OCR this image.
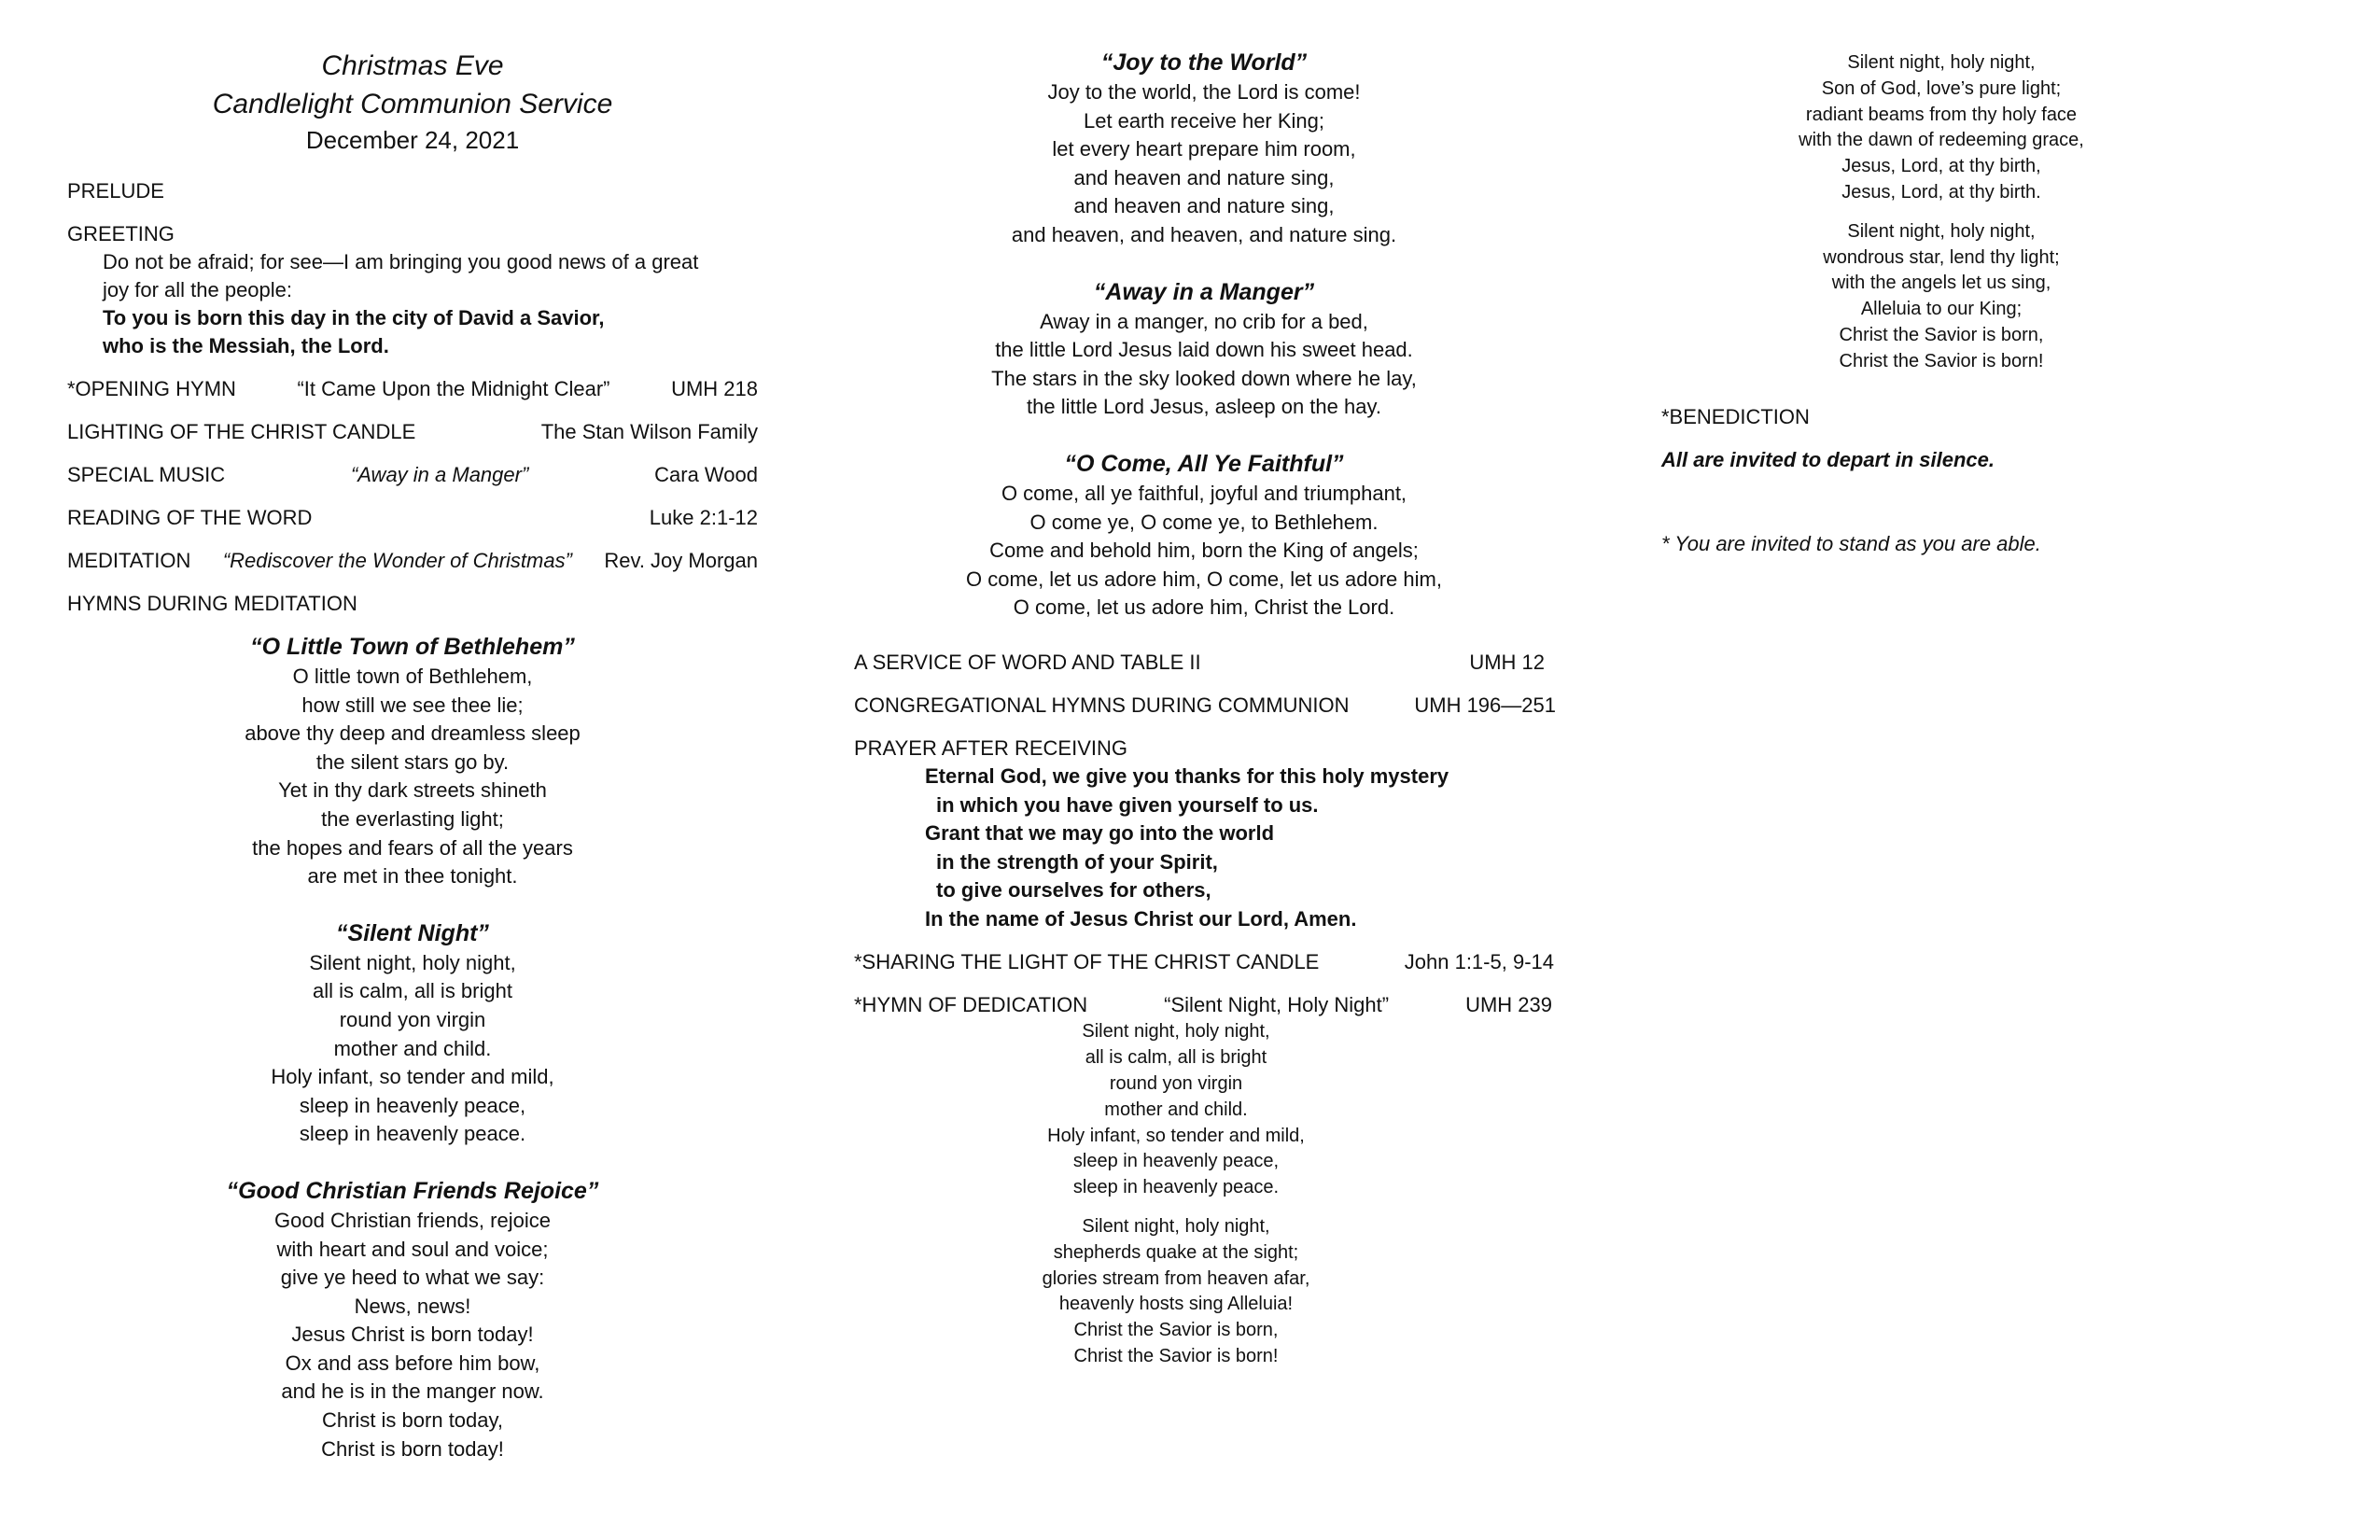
Christmas Eve
Candlelight Communion Service
December 24, 2021
PRELUDE
GREETING
Do not be afraid; for see—I am bringing you good news of a great
joy for all the people:
To you is born this day in the city of David a Savior,
who is the Messiah, the Lord.
*OPENING HYMN	“It Came Upon the Midnight Clear”	UMH 218
LIGHTING OF THE CHRIST CANDLE	The Stan Wilson Family
SPECIAL MUSIC	“Away in a Manger”	Cara Wood
READING OF THE WORD	Luke 2:1-12
MEDITATION “Rediscover the Wonder of Christmas” Rev. Joy Morgan
HYMNS DURING MEDITATION
“O Little Town of Bethlehem”
O little town of Bethlehem,
how still we see thee lie;
above thy deep and dreamless sleep
the silent stars go by.
Yet in thy dark streets shineth
the everlasting light;
the hopes and fears of all the years
are met in thee tonight.
“Silent Night”
Silent night, holy night,
all is calm, all is bright
round yon virgin
mother and child.
Holy infant, so tender and mild,
sleep in heavenly peace,
sleep in heavenly peace.
“Good Christian Friends Rejoice”
Good Christian friends, rejoice
with heart and soul and voice;
give ye heed to what we say:
News, news!
Jesus Christ is born today!
Ox and ass before him bow,
and he is in the manger now.
Christ is born today,
Christ is born today!
“Joy to the World”
Joy to the world, the Lord is come!
Let earth receive her King;
let every heart prepare him room,
and heaven and nature sing,
and heaven and nature sing,
and heaven, and heaven, and nature sing.
“Away in a Manger”
Away in a manger, no crib for a bed,
the little Lord Jesus laid down his sweet head.
The stars in the sky looked down where he lay,
the little Lord Jesus, asleep on the hay.
“O Come, All Ye Faithful”
O come, all ye faithful, joyful and triumphant,
O come ye, O come ye, to Bethlehem.
Come and behold him, born the King of angels;
O come, let us adore him, O come, let us adore him,
O come, let us adore him, Christ the Lord.
A SERVICE OF WORD AND TABLE II	UMH 12
CONGREGATIONAL HYMNS DURING COMMUNION	UMH 196—251
PRAYER AFTER RECEIVING
Eternal God, we give you thanks for this holy mystery
in which you have given yourself to us.
Grant that we may go into the world
in the strength of your Spirit,
to give ourselves for others,
In the name of Jesus Christ our Lord, Amen.
*SHARING THE LIGHT OF THE CHRIST CANDLE	John 1:1-5, 9-14
*HYMN OF DEDICATION	“Silent Night, Holy Night”	UMH 239
Silent night, holy night,
all is calm, all is bright
round yon virgin
mother and child.
Holy infant, so tender and mild,
sleep in heavenly peace,
sleep in heavenly peace.
Silent night, holy night,
shepherds quake at the sight;
glories stream from heaven afar,
heavenly hosts sing Alleluia!
Christ the Savior is born,
Christ the Savior is born!
Silent night, holy night,
Son of God, love’s pure light;
radiant beams from thy holy face
with the dawn of redeeming grace,
Jesus, Lord, at thy birth,
Jesus, Lord, at thy birth.
Silent night, holy night,
wondrous star, lend thy light;
with the angels let us sing,
Alleluia to our King;
Christ the Savior is born,
Christ the Savior is born!
*BENEDICTION
All are invited to depart in silence.
* You are invited to stand as you are able.
